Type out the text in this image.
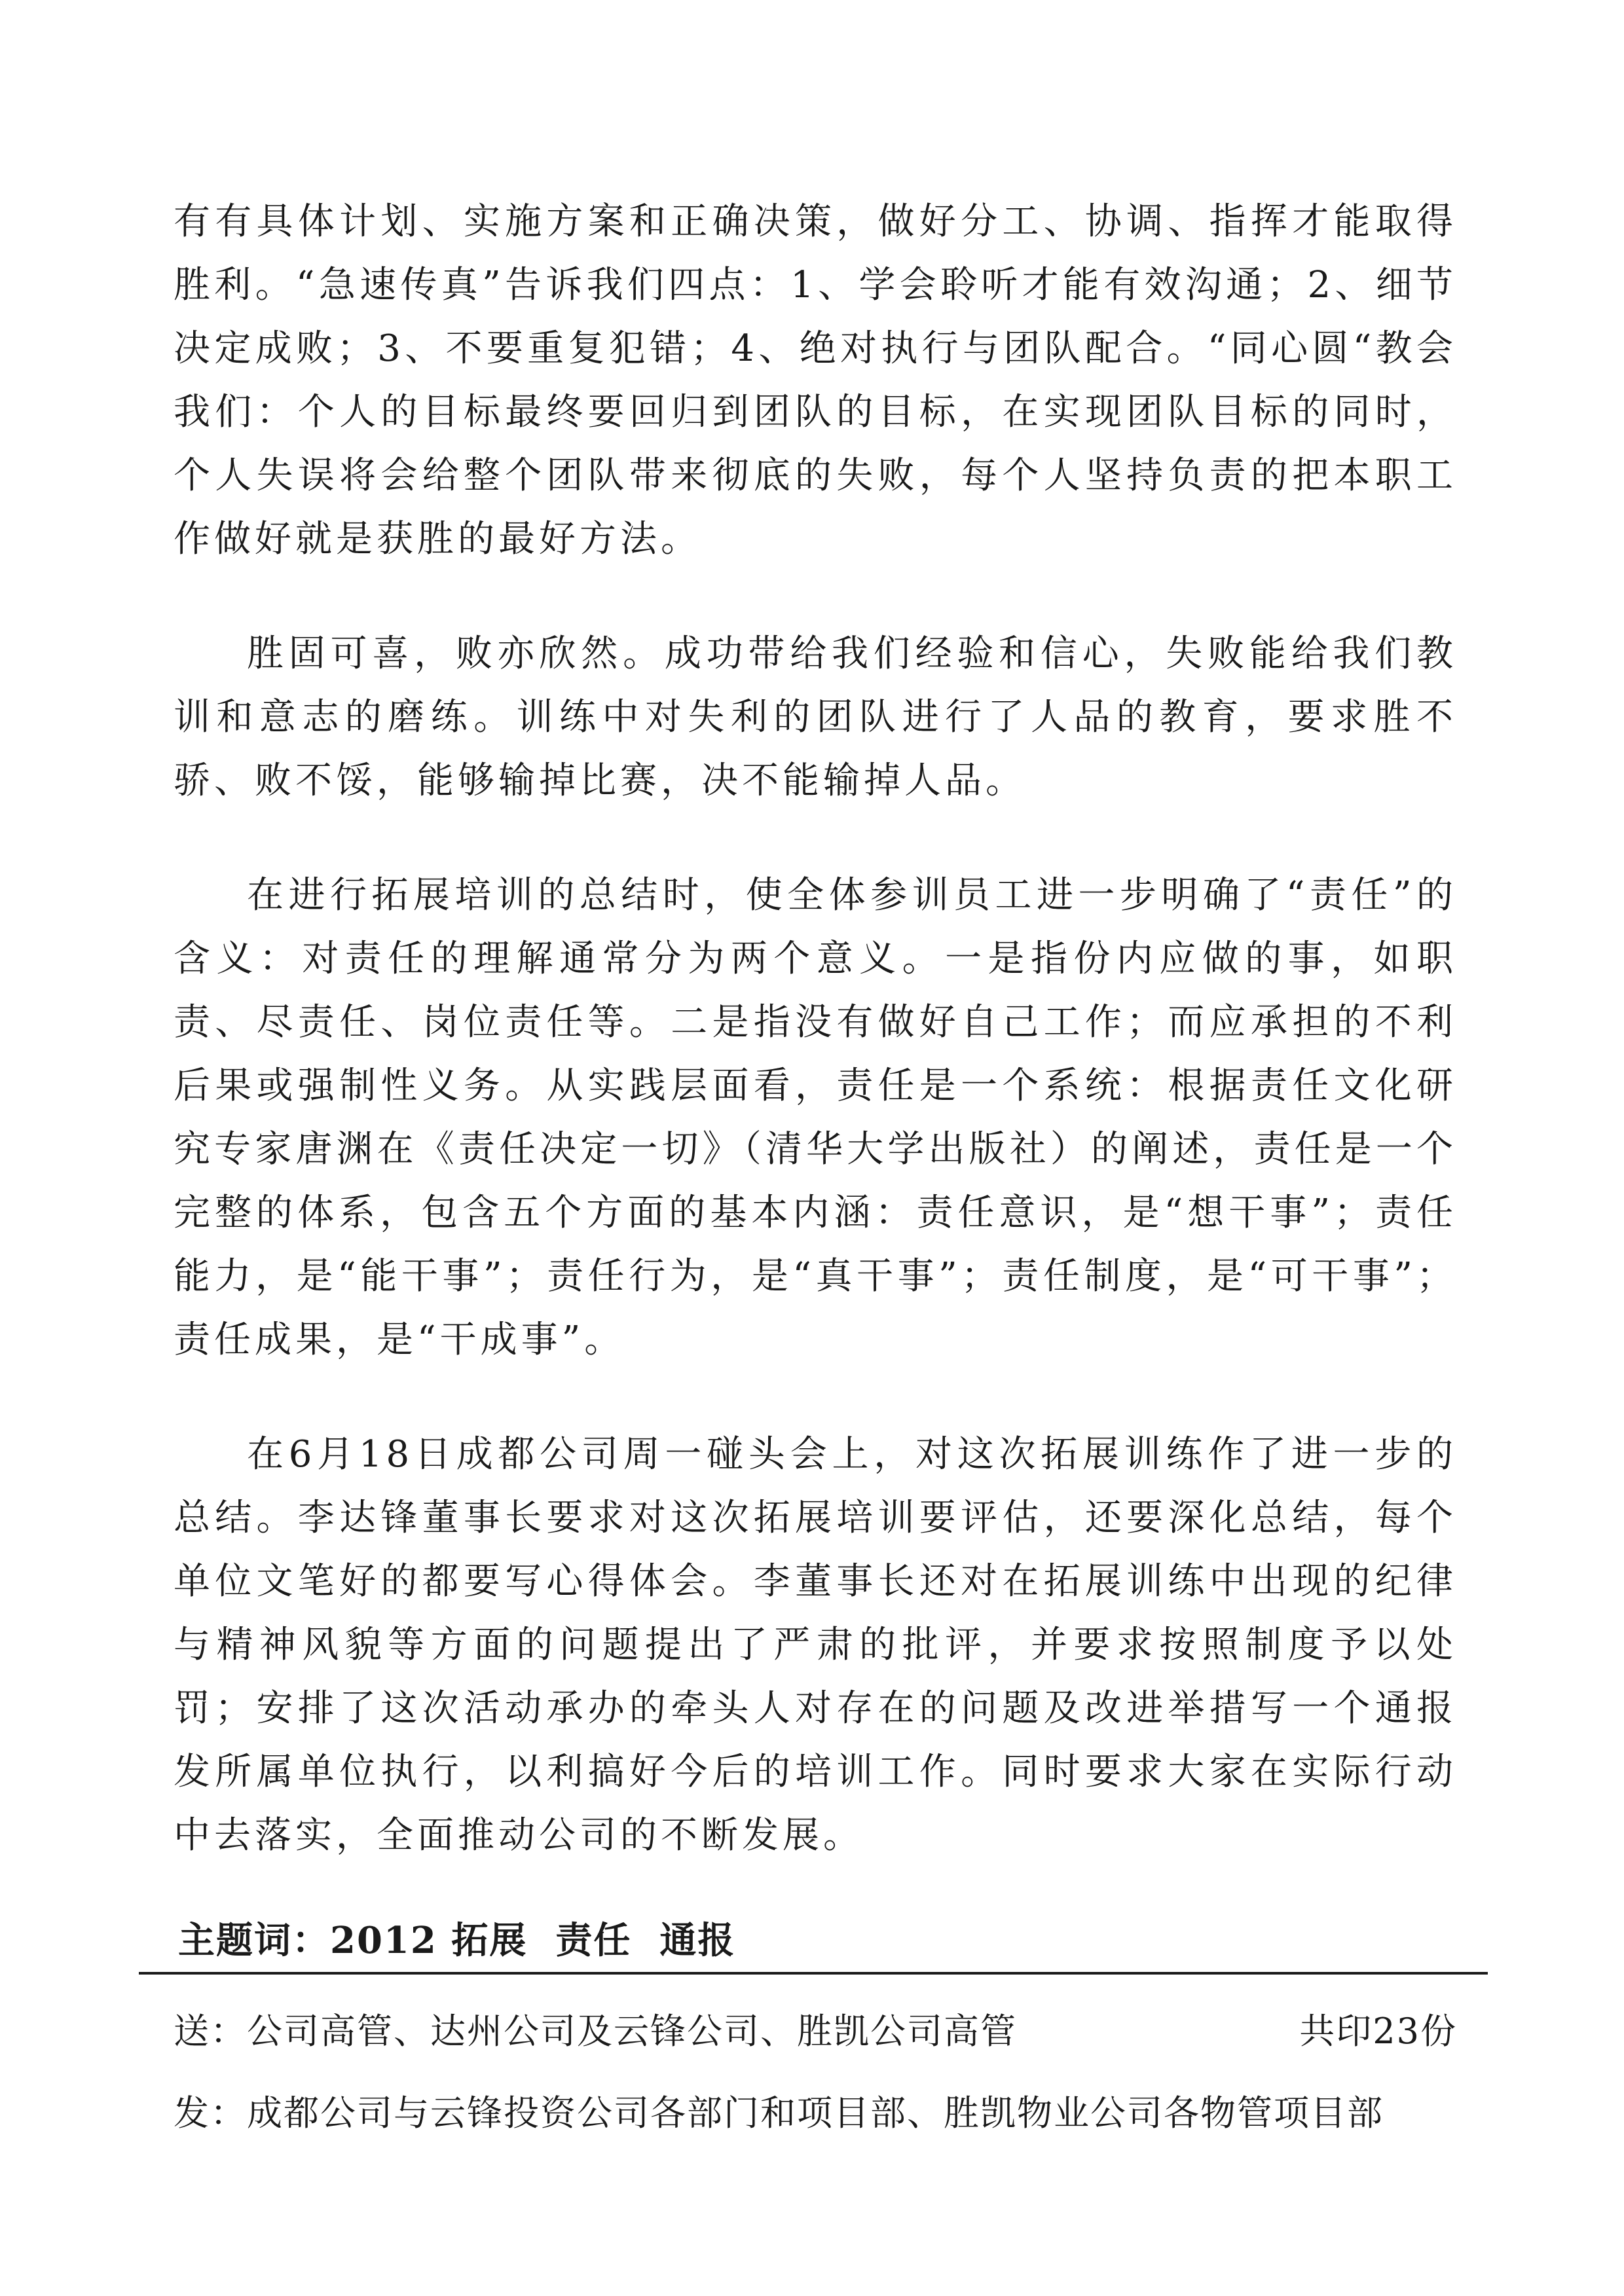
有有具体计划、实施方案和正确决策，做好分工、协调、指挥才能取得胜利。“急速传真”告诉我们四点：1、学会聆听才能有效沟通；2、细节决定成败；3、不要重复犯错；4、绝对执行与团队配合。“同心圆“教会我们：个人的目标最终要回归到团队的目标，在实现团队目标的同时，个人失误将会给整个团队带来彻底的失败，每个人坚持负责的把本职工作做好就是获胜的最好方法。

胜固可喜，败亦欣然。成功带给我们经验和信心，失败能给我们教训和意志的磨练。训练中对失利的团队进行了人品的教育，要求胜不骄、败不馁，能够输掉比赛，决不能输掉人品。

在进行拓展培训的总结时，使全体参训员工进一步明确了“责任”的含义：对责任的理解通常分为两个意义。一是指份内应做的事，如职责、尽责任、岗位责任等。二是指没有做好自己工作；而应承担的不利后果或强制性义务。从实践层面看，责任是一个系统：根据责任文化研究专家唐渊在《责任决定一切》（清华大学出版社）的阐述，责任是一个完整的体系，包含五个方面的基本内涵：责任意识，是“想干事”；责任能力，是“能干事”；责任行为，是“真干事”；责任制度，是“可干事”；责任成果，是“干成事”。

在6月18日成都公司周一碰头会上，对这次拓展训练作了进一步的总结。李达锋董事长要求对这次拓展培训要评估，还要深化总结，每个单位文笔好的都要写心得体会。李董事长还对在拓展训练中出现的纪律与精神风貌等方面的问题提出了严肃的批评，并要求按照制度予以处罚；安排了这次活动承办的牵头人对存在的问题及改进举措写一个通报发所属单位执行，以利搞好今后的培训工作。同时要求大家在实际行动中去落实，全面推动公司的不断发展。

主题词：2012 拓展  责任  通报
送：公司高管、达州公司及云锋公司、胜凯公司高管	共印23份
发：成都公司与云锋投资公司各部门和项目部、胜凯物业公司各物管项目部
